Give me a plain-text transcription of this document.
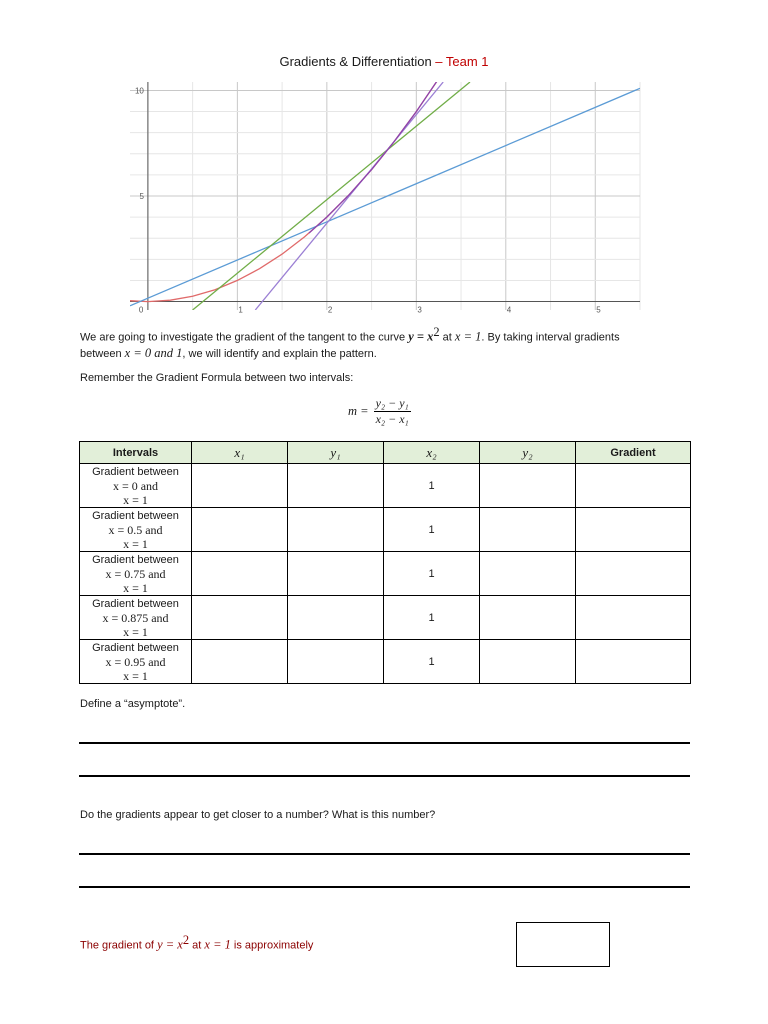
Gradients & Differentiation – Team 1
0	1	2	3	4	5
5
10
We are going to investigate the gradient of the tangent to the curve $y = x^2$ at x = 1. By taking interval gradients
between x = 0 and 1, we will identify and explain the pattern.
Remember the Gradient Formula between two intervals:
$m = \frac{\text{y₂ − y₁}}{\text{x₂ − x₁}}$
Intervals	x₁	y₁	x₂	y₂	Gradient

Gradient between
x = 0 and
x = 1			1		

Gradient between
x = 0.5 and
x = 1			1		

Gradient between
x = 0.75 and
x = 1			1		

Gradient between
x = 0.875 and
x = 1			1		

Gradient between
x = 0.95 and
x = 1			1		
Define a “asymptote”.
Do the gradients appear to get closer to a number? What is this number?
The gradient of $y = x^2$ at x = 1 is approximately
